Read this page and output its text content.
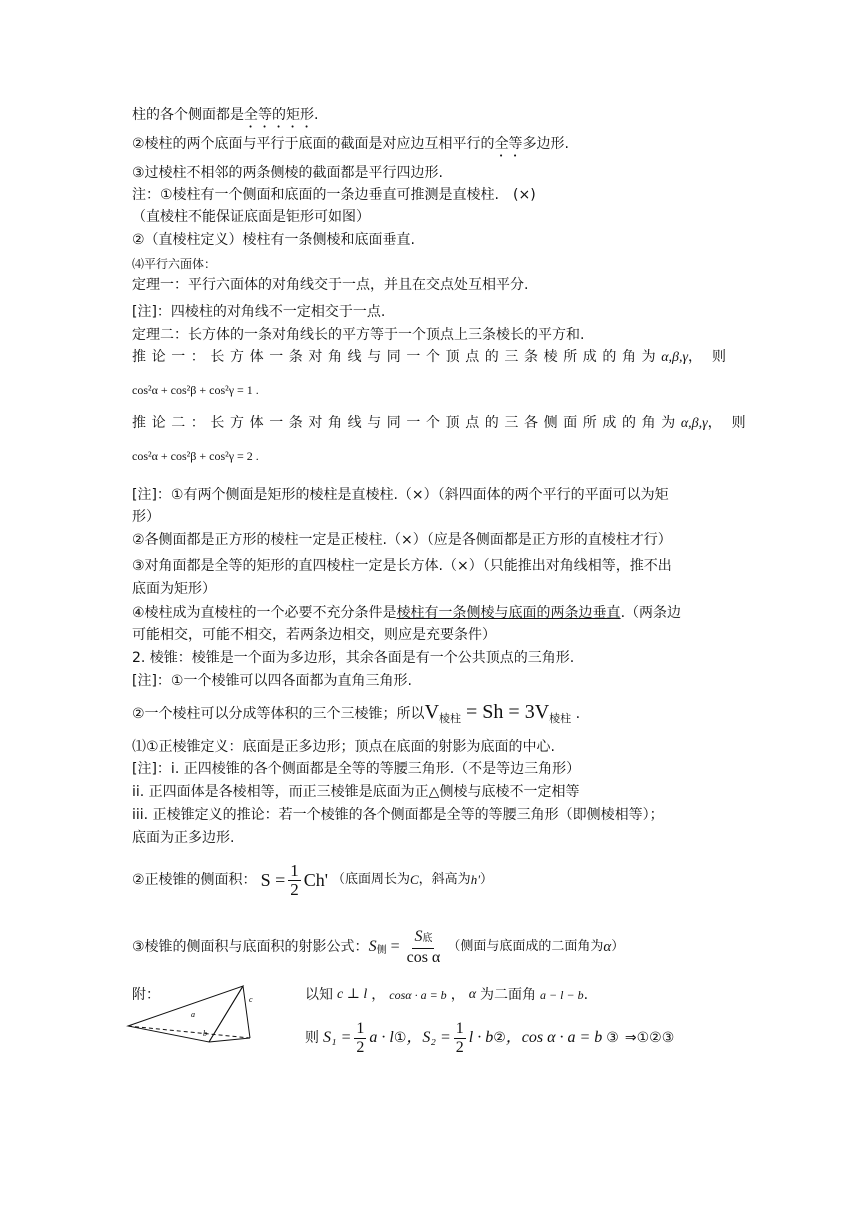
柱的各个侧面都是全等的矩形.
②棱柱的两个底面与平行于底面的截面是对应边互相平行的全等多边形.
③过棱柱不相邻的两条侧棱的截面都是平行四边形.
注：①棱柱有一个侧面和底面的一条边垂直可推测是直棱柱.　(×)
（直棱柱不能保证底面是钜形可如图）
②（直棱柱定义）棱柱有一条侧棱和底面垂直.
⑷平行六面体：
定理一：平行六面体的对角线交于一点，并且在交点处互相平分.
[注]：四棱柱的对角线不一定相交于一点.
定理二：长方体的一条对角线长的平方等于一个顶点上三条棱长的平方和.
推论一：长方体一条对角线与同一个顶点的三条棱所成的角为 α,β,γ，则
cos²α + cos²β + cos²γ = 1 .
推论二：长方体一条对角线与同一个顶点的三各侧面所成的角为 α,β,γ，则
cos²α + cos²β + cos²γ = 2 .
[注]：①有两个侧面是矩形的棱柱是直棱柱.（×）（斜四面体的两个平行的平面可以为矩
形）
②各侧面都是正方形的棱柱一定是正棱柱.（×）（应是各侧面都是正方形的直棱柱才行）
③对角面都是全等的矩形的直四棱柱一定是长方体.（×）（只能推出对角线相等，推不出
底面为矩形）
④棱柱成为直棱柱的一个必要不充分条件是棱柱有一条侧棱与底面的两条边垂直.（两条边
可能相交，可能不相交，若两条边相交，则应是充要条件）
2. 棱锥：棱锥是一个面为多边形，其余各面是有一个公共顶点的三角形.
[注]：①一个棱锥可以四各面都为直角三角形.
②一个棱柱可以分成等体积的三个三棱锥；所以$V_{棱柱} = Sh = 3V_{棱柱}$ .
⑴①正棱锥定义：底面是正多边形；顶点在底面的射影为底面的中心.
[注]：i. 正四棱锥的各个侧面都是全等的等腰三角形.（不是等边三角形）
ii. 正四面体是各棱相等，而正三棱锥是底面为正△侧棱与底棱不一定相等
iii. 正棱锥定义的推论：若一个棱锥的各个侧面都是全等的等腰三角形（即侧棱相等）；
底面为正多边形.
②正棱锥的侧面积： $S = \frac{1}{2} Ch'$ （底面周长为 C ，斜高为 h' ）
③棱锥的侧面积与底面积的射影公式： S 侧 = $\frac{\text{S底}}{\text{cos α}}$ （侧面与底面成的二面角为 α ）
附：	c
a
b
以知 c ⊥ l ， cosα · a = b ， α 为二面角 a − l − b .
则 $S_1 = \frac{1}{2}$ a · l ① ，$S_2 = \frac{1}{2}$ l · b ② ，cos α · a = b ③ ⇒①②③
